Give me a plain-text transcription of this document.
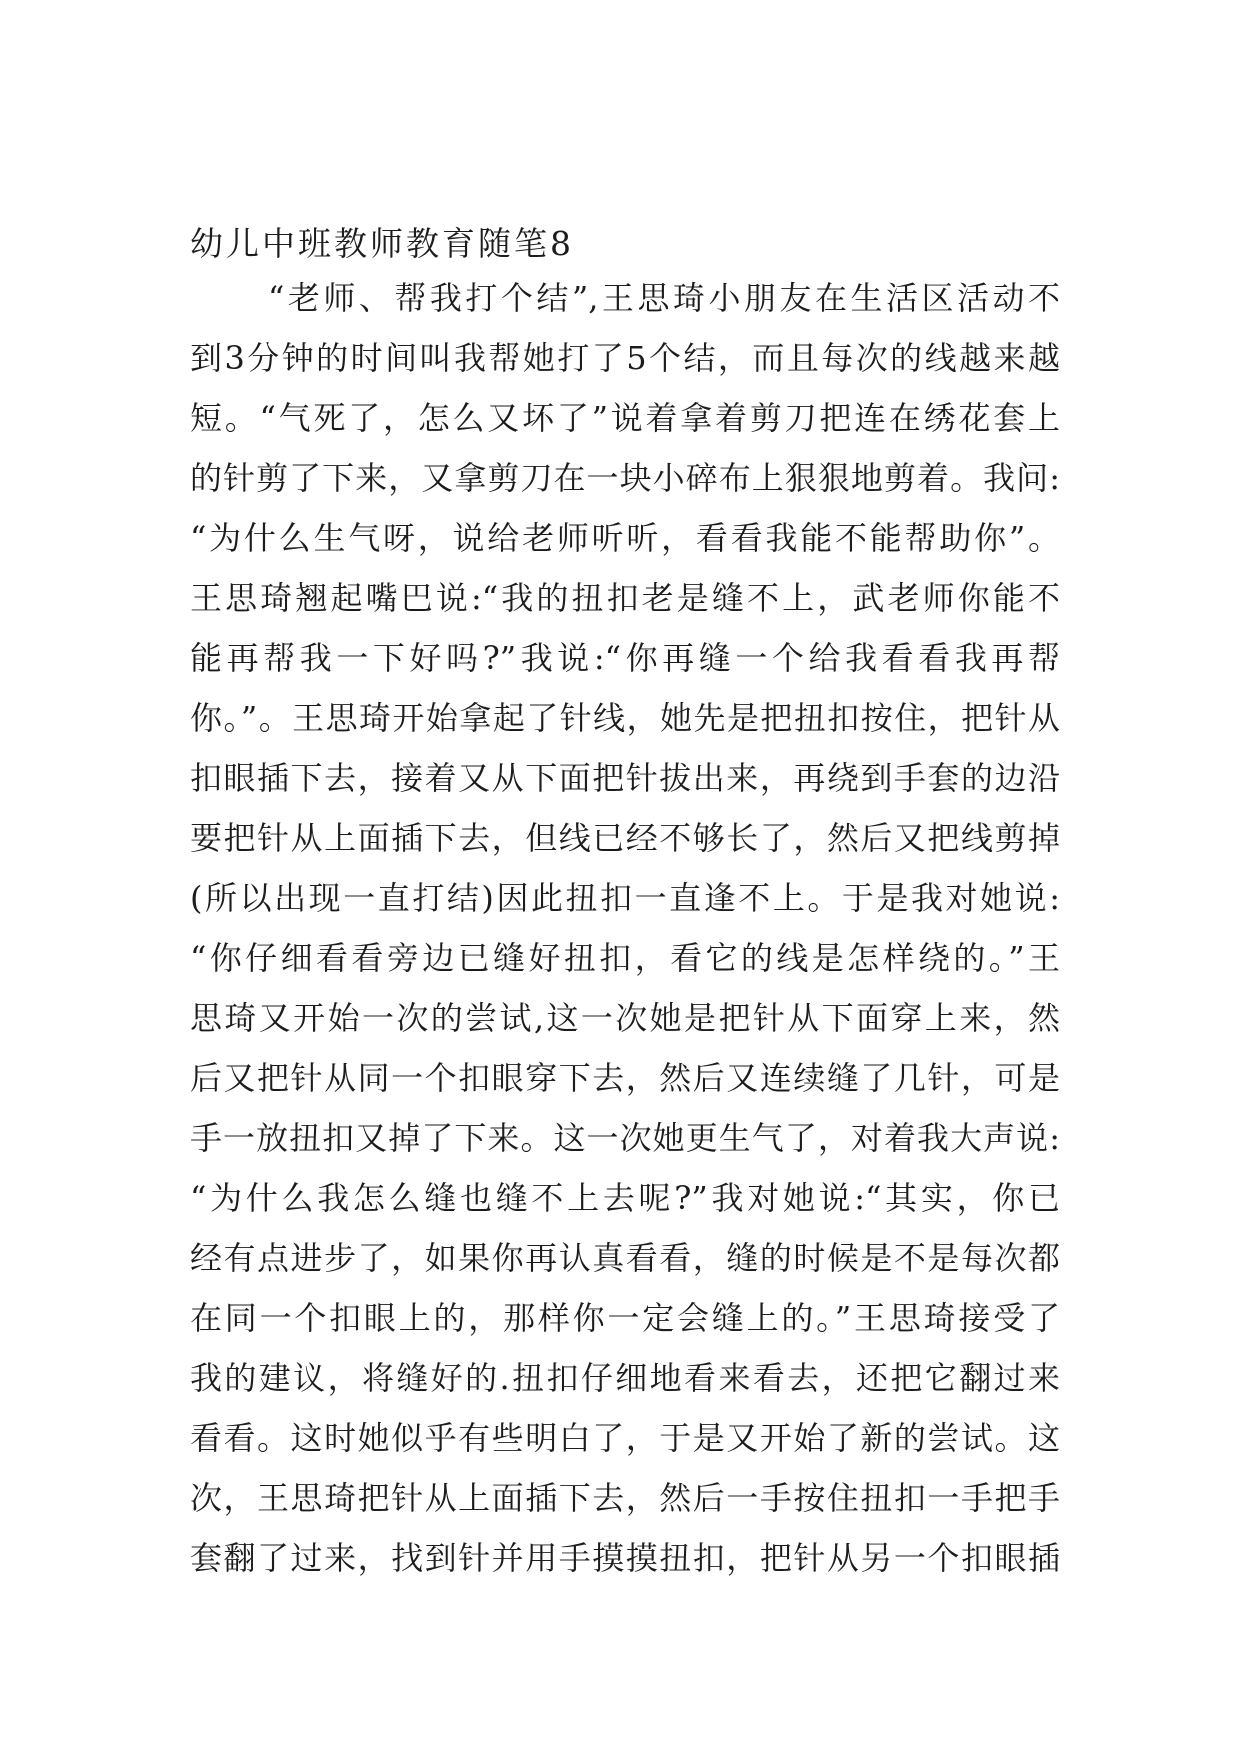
幼儿中班教师教育随笔8
“老师、帮我打个结”,王思琦小朋友在生活区活动不
到3分钟的时间叫我帮她打了5个结，而且每次的线越来越
短。“气死了，怎么又坏了”说着拿着剪刀把连在绣花套上
的针剪了下来，又拿剪刀在一块小碎布上狠狠地剪着。我问:
“为什么生气呀，说给老师听听，看看我能不能帮助你”。
王思琦翘起嘴巴说:“我的扭扣老是缝不上，武老师你能不
能再帮我一下好吗?”我说:“你再缝一个给我看看我再帮
你。”。王思琦开始拿起了针线，她先是把扭扣按住，把针从
扣眼插下去，接着又从下面把针拔出来，再绕到手套的边沿
要把针从上面插下去，但线已经不够长了，然后又把线剪掉
(所以出现一直打结)因此扭扣一直逢不上。于是我对她说:
“你仔细看看旁边已缝好扭扣，看它的线是怎样绕的。”王
思琦又开始一次的尝试,这一次她是把针从下面穿上来，然
后又把针从同一个扣眼穿下去，然后又连续缝了几针，可是
手一放扭扣又掉了下来。这一次她更生气了，对着我大声说:
“为什么我怎么缝也缝不上去呢?”我对她说:“其实，你已
经有点进步了，如果你再认真看看，缝的时候是不是每次都
在同一个扣眼上的，那样你一定会缝上的。”王思琦接受了
我的建议，将缝好的.扭扣仔细地看来看去，还把它翻过来
看看。这时她似乎有些明白了，于是又开始了新的尝试。这
次，王思琦把针从上面插下去，然后一手按住扭扣一手把手
套翻了过来，找到针并用手摸摸扭扣，把针从另一个扣眼插
